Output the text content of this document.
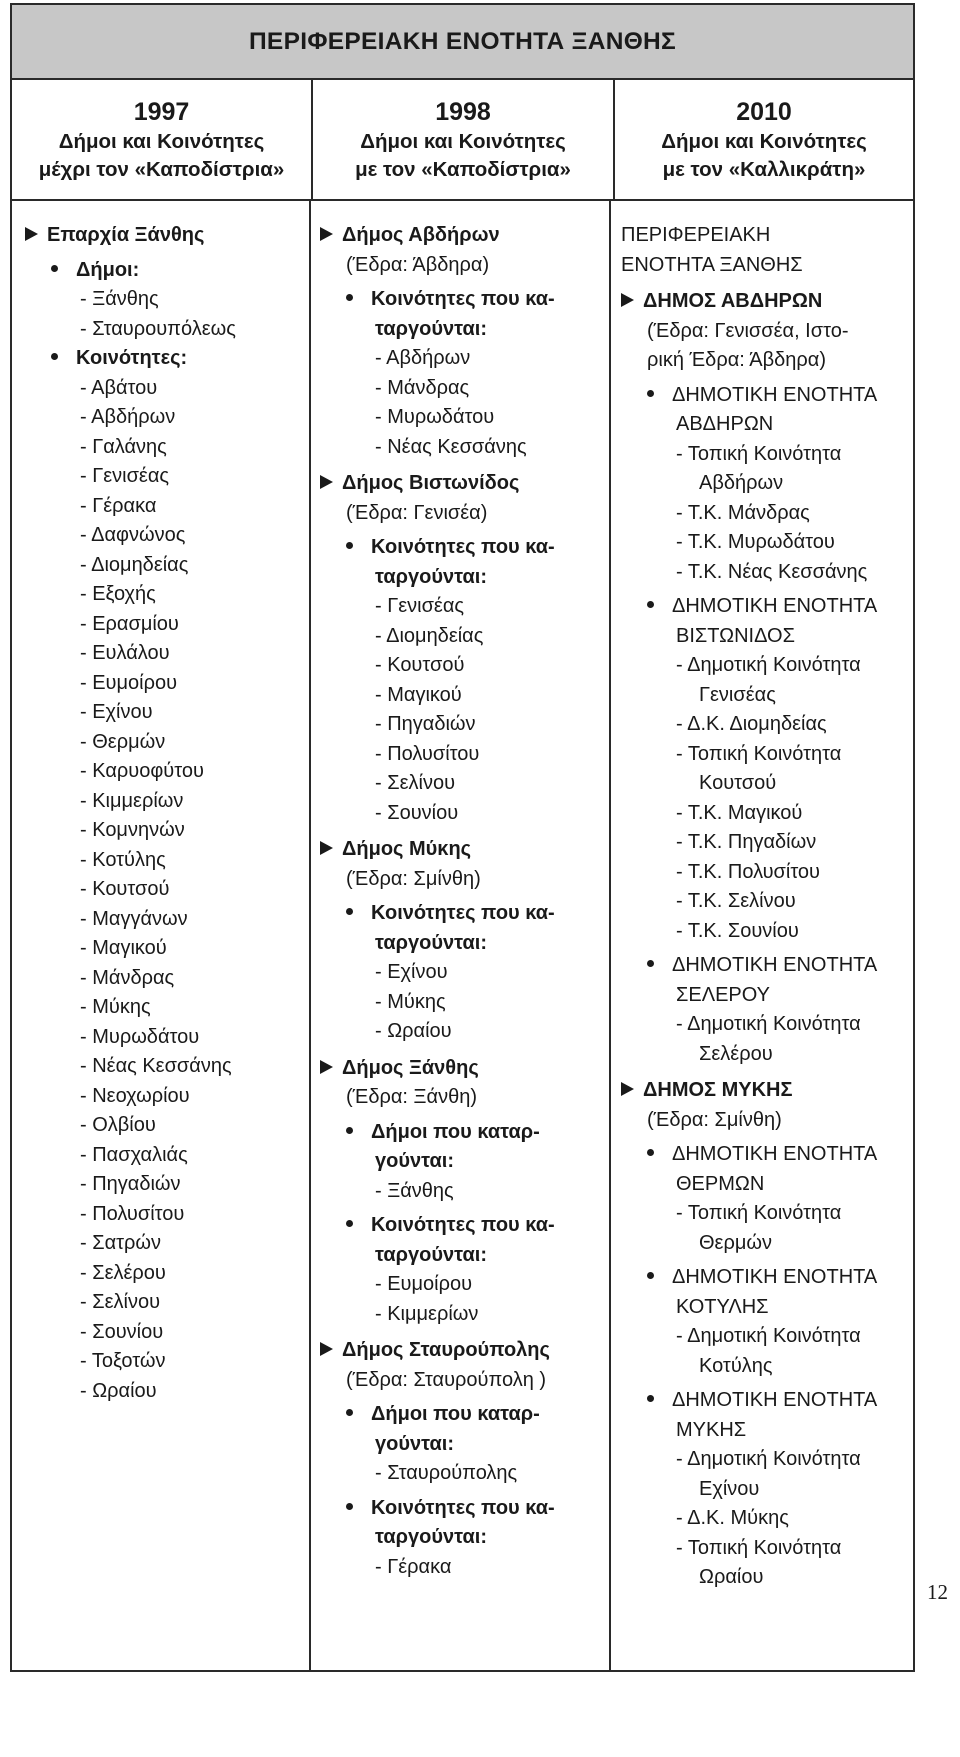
ΠΕΡΙΦΕΡΕΙΑΚΗ ΕΝΟΤΗΤΑ ΞΑΝΘΗΣ
1997
Δήμοι και Κοινότητες
μέχρι τον «Καποδίστρια»
1998
Δήμοι και Κοινότητες
με τον «Καποδίστρια»
2010
Δήμοι και Κοινότητες
με τον «Καλλικράτη»
Επαρχία Ξάνθης
Δήμοι:
- Ξάνθης
- Σταυρουπόλεως
Κοινότητες:
- Αβάτου
- Αβδήρων
- Γαλάνης
- Γενισέας
- Γέρακα
- Δαφνώνος
- Διομηδείας
- Εξοχής
- Ερασμίου
- Ευλάλου
- Ευμοίρου
- Εχίνου
- Θερμών
- Καρυοφύτου
- Κιμμερίων
- Κομνηνών
- Κοτύλης
- Κουτσού
- Μαγγάνων
- Μαγικού
- Μάνδρας
- Μύκης
- Μυρωδάτου
- Νέας Κεσσάνης
- Νεοχωρίου
- Ολβίου
- Πασχαλιάς
- Πηγαδιών
- Πολυσίτου
- Σατρών
- Σελέρου
- Σελίνου
- Σουνίου
- Τοξοτών
- Ωραίου
Δήμος Αβδήρων
(Έδρα: Άβδηρα)
Κοινότητες που κα-
ταργούνται:
- Αβδήρων
- Μάνδρας
- Μυρωδάτου
- Νέας Κεσσάνης
Δήμος Βιστωνίδος
(Έδρα: Γενισέα)
Κοινότητες που κα-
ταργούνται:
- Γενισέας
- Διομηδείας
- Κουτσού
- Μαγικού
- Πηγαδιών
- Πολυσίτου
- Σελίνου
- Σουνίου
Δήμος Μύκης
(Έδρα: Σμίνθη)
Κοινότητες που κα-
ταργούνται:
- Εχίνου
- Μύκης
- Ωραίου
Δήμος Ξάνθης
(Έδρα: Ξάνθη)
Δήμοι που καταρ-
γούνται:
- Ξάνθης
Κοινότητες που κα-
ταργούνται:
- Ευμοίρου
- Κιμμερίων
Δήμος Σταυρούπολης
(Έδρα: Σταυρούπολη )
Δήμοι που καταρ-
γούνται:
- Σταυρούπολης
Κοινότητες που κα-
ταργούνται:
- Γέρακα
ΠΕΡΙΦΕΡΕΙΑΚΗ
ΕΝΟΤΗΤΑ ΞΑΝΘΗΣ
ΔΗΜΟΣ ΑΒΔΗΡΩΝ
(Έδρα: Γενισσέα, Ιστο-
ρική Έδρα: Άβδηρα)
ΔΗΜΟΤΙΚΗ ΕΝΟΤΗΤΑ
ΑΒΔΗΡΩΝ
- Τοπική Κοινότητα
Αβδήρων
- Τ.Κ. Μάνδρας
- Τ.Κ. Μυρωδάτου
- Τ.Κ. Νέας Κεσσάνης
ΔΗΜΟΤΙΚΗ ΕΝΟΤΗΤΑ
ΒΙΣΤΩΝΙΔΟΣ
- Δημοτική Κοινότητα
Γενισέας
- Δ.Κ. Διομηδείας
- Τοπική Κοινότητα
Κουτσού
- Τ.Κ. Μαγικού
- Τ.Κ. Πηγαδίων
- Τ.Κ. Πολυσίτου
- Τ.Κ. Σελίνου
- Τ.Κ. Σουνίου
ΔΗΜΟΤΙΚΗ ΕΝΟΤΗΤΑ
ΣΕΛΕΡΟΥ
- Δημοτική Κοινότητα
Σελέρου
ΔΗΜΟΣ ΜΥΚΗΣ
(Έδρα: Σμίνθη)
ΔΗΜΟΤΙΚΗ ΕΝΟΤΗΤΑ
ΘΕΡΜΩΝ
- Τοπική Κοινότητα
Θερμών
ΔΗΜΟΤΙΚΗ ΕΝΟΤΗΤΑ
ΚΟΤΥΛΗΣ
- Δημοτική Κοινότητα
Κοτύλης
ΔΗΜΟΤΙΚΗ ΕΝΟΤΗΤΑ
ΜΥΚΗΣ
- Δημοτική Κοινότητα
Εχίνου
- Δ.Κ. Μύκης
- Τοπική Κοινότητα
Ωραίου
12
